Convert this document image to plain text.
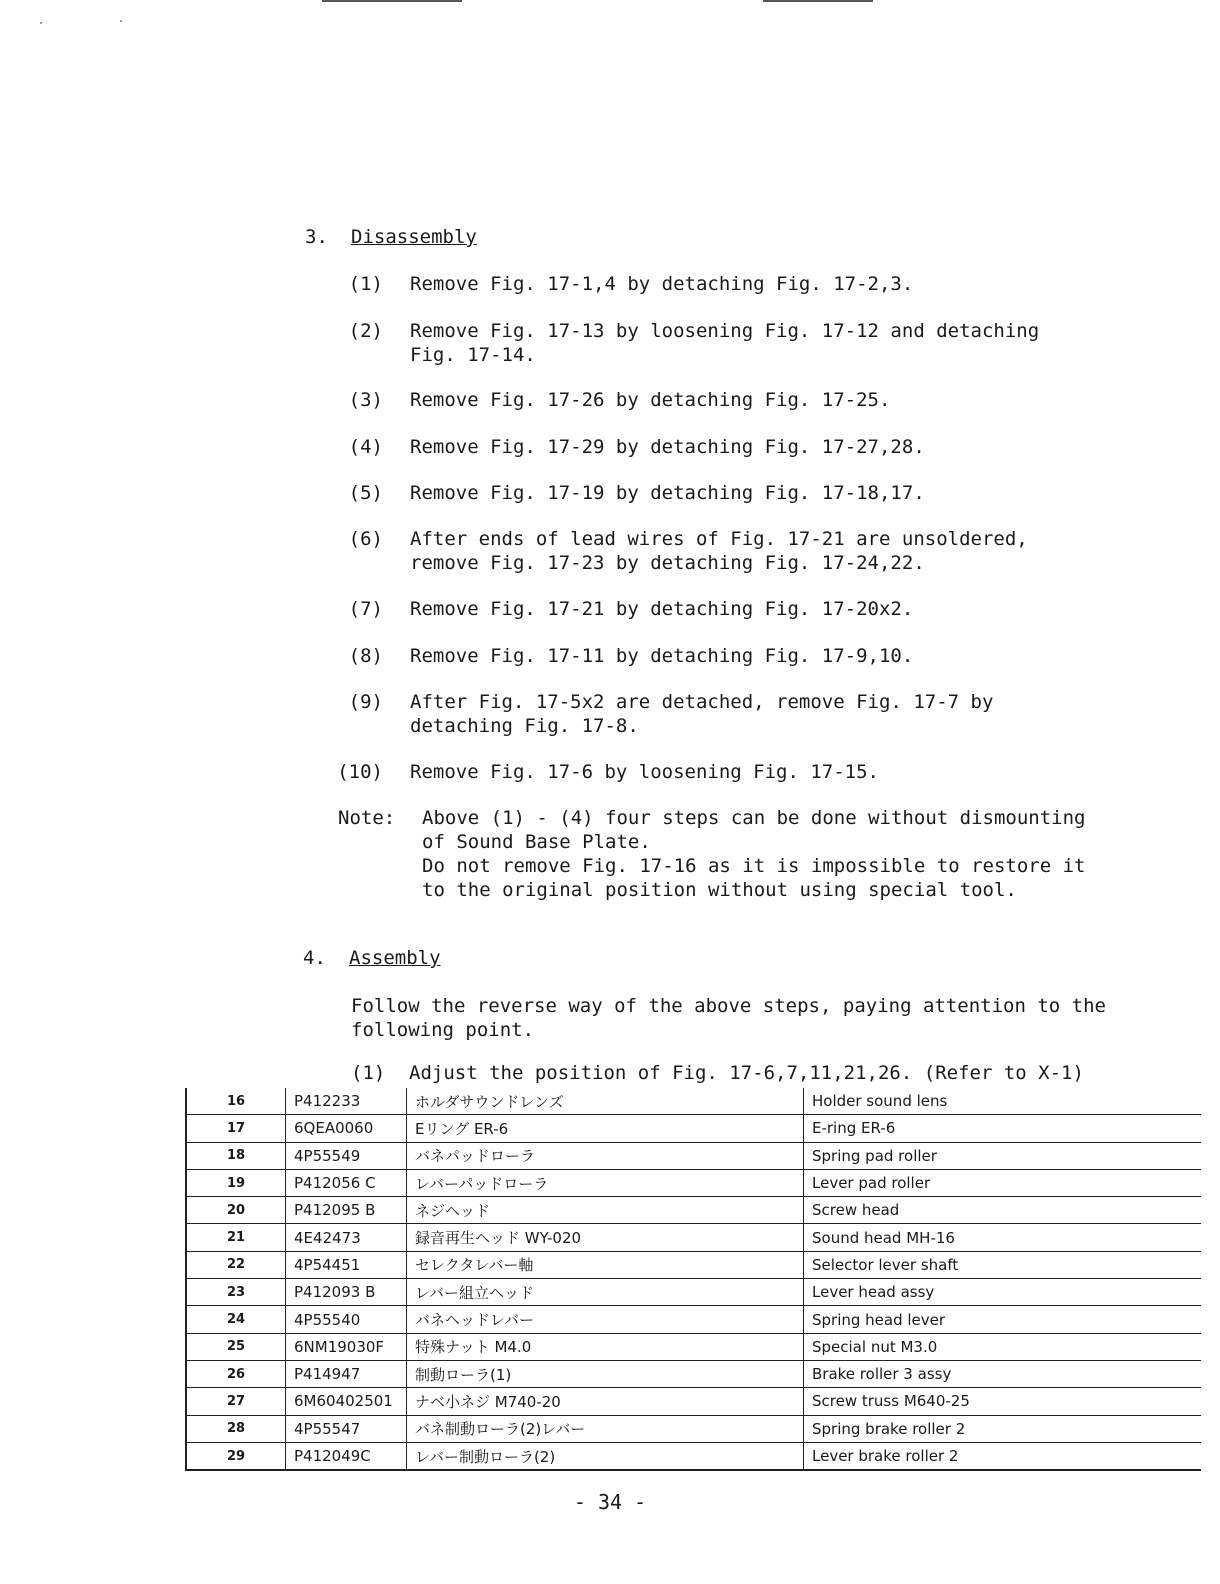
3. Disassembly
(1) Remove Fig. 17-1,4 by detaching Fig. 17-2,3.
(2) Remove Fig. 17-13 by loosening Fig. 17-12 and detaching
Fig. 17-14.
(3) Remove Fig. 17-26 by detaching Fig. 17-25.
(4) Remove Fig. 17-29 by detaching Fig. 17-27,28.
(5) Remove Fig. 17-19 by detaching Fig. 17-18,17.
(6) After ends of lead wires of Fig. 17-21 are unsoldered,
remove Fig. 17-23 by detaching Fig. 17-24,22.
(7) Remove Fig. 17-21 by detaching Fig. 17-20x2.
(8) Remove Fig. 17-11 by detaching Fig. 17-9,10.
(9) After Fig. 17-5x2 are detached, remove Fig. 17-7 by
detaching Fig. 17-8.
(10) Remove Fig. 17-6 by loosening Fig. 17-15.
Note: Above (1) - (4) four steps can be done without dismounting
of Sound Base Plate.
Do not remove Fig. 17-16 as it is impossible to restore it
to the original position without using special tool.
4. Assembly
Follow the reverse way of the above steps, paying attention to the
following point.
(1) Adjust the position of Fig. 17-6,7,11,21,26. (Refer to X-1)
16	P412233	ホルダサウンドレンズ	Holder sound lens
17	6QEA0060	Eリング ER-6	E-ring ER-6
18	4P55549	バネパッドローラ	Spring pad roller
19	P412056 C	レバーパッドローラ	Lever pad roller
20	P412095 B	ネジヘッド	Screw head
21	4E42473	録音再生ヘッド WY-020	Sound head MH-16
22	4P54451	セレクタレバー軸	Selector lever shaft
23	P412093 B	レバー組立ヘッド	Lever head assy
24	4P55540	バネヘッドレバー	Spring head lever
25	6NM19030F	特殊ナット M4.0	Special nut M3.0
26	P414947	制動ローラ(1)	Brake roller 3 assy
27	6M60402501	ナベ小ネジ M740-20	Screw truss M640-25
28	4P55547	バネ制動ローラ(2)レバー	Spring brake roller 2
29	P412049C	レバー制動ローラ(2)	Lever brake roller 2
- 34 -
